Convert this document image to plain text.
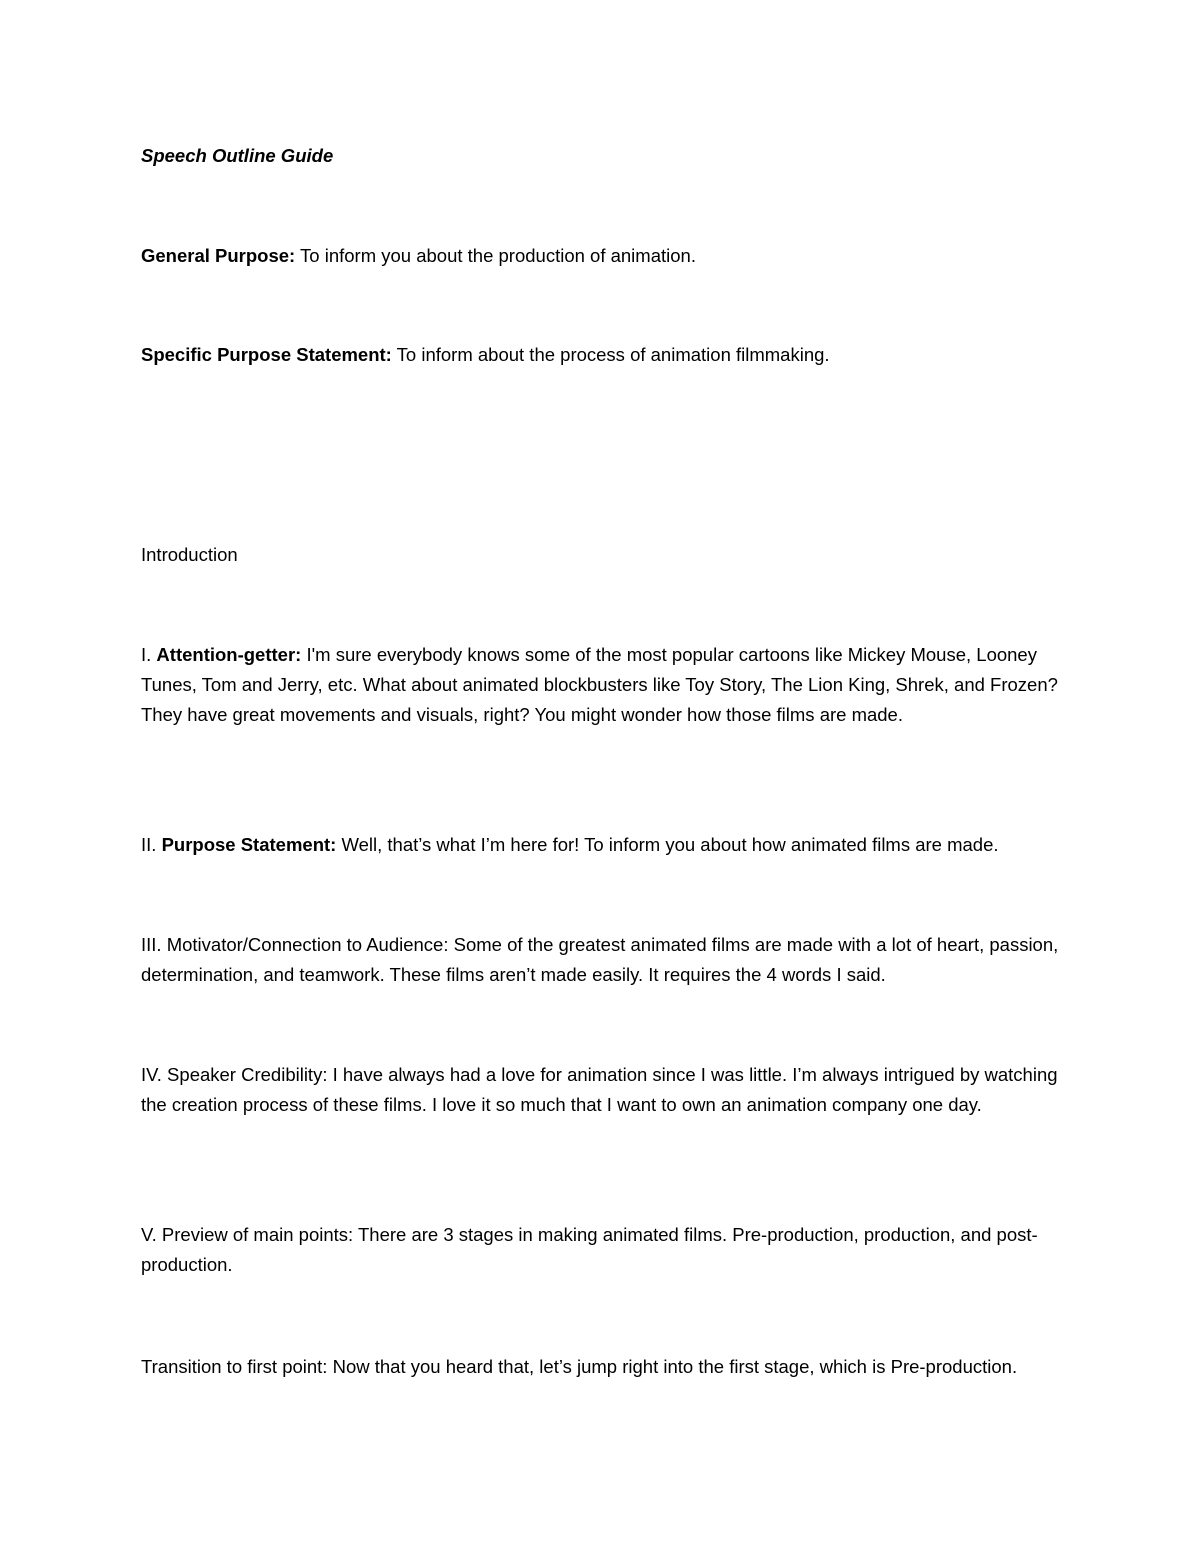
Speech Outline Guide

General Purpose: To inform you about the production of animation.

Specific Purpose Statement: To inform about the process of animation filmmaking.

Introduction

I. Attention-getter: I'm sure everybody knows some of the most popular cartoons like Mickey Mouse, Looney Tunes, Tom and Jerry, etc. What about animated blockbusters like Toy Story, The Lion King, Shrek, and Frozen? They have great movements and visuals, right? You might wonder how those films are made.

II. Purpose Statement: Well, that’s what I’m here for! To inform you about how animated films are made.

III. Motivator/Connection to Audience: Some of the greatest animated films are made with a lot of heart, passion, determination, and teamwork. These films aren’t made easily. It requires the 4 words I said.

IV. Speaker Credibility: I have always had a love for animation since I was little. I’m always intrigued by watching the creation process of these films. I love it so much that I want to own an animation company one day.

V. Preview of main points: There are 3 stages in making animated films. Pre-production, production, and post-production.

Transition to first point: Now that you heard that, let’s jump right into the first stage, which is Pre-production.
